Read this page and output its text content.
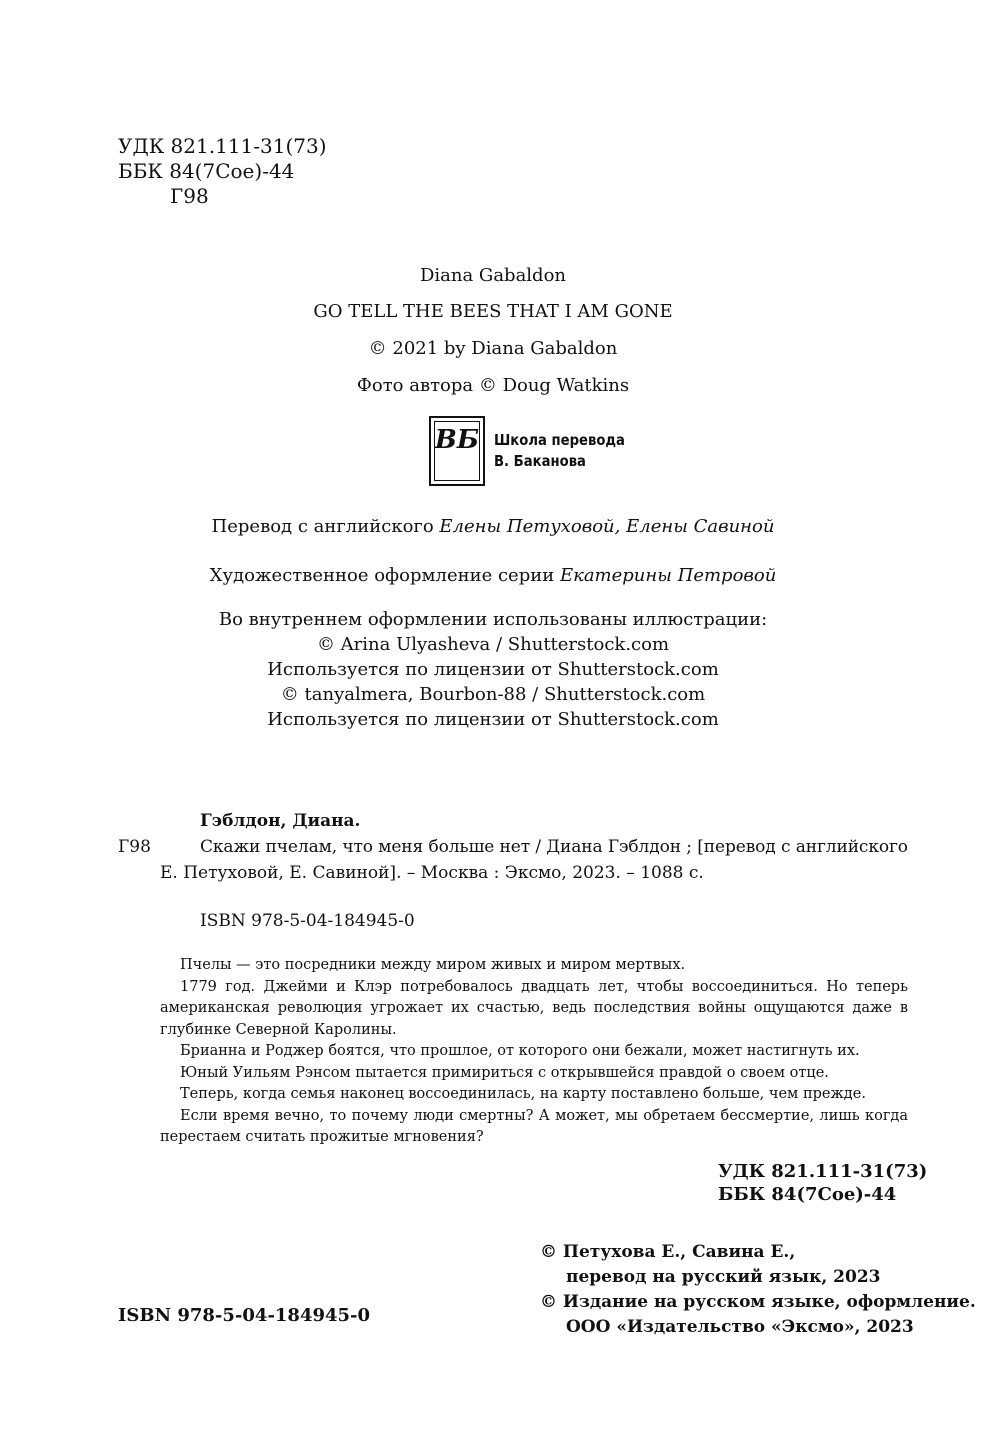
УДК 821.111-31(73)
ББК 84(7Сое)-44
Г98
Diana Gabaldon
GO TELL THE BEES THAT I AM GONE
© 2021 by Diana Gabaldon
Фото автора © Doug Watkins
ВБ Школа перевода
В. Баканова
Перевод с английского Елены Петуховой, Елены Савиной
Художественное оформление серии Екатерины Петровой
Во внутреннем оформлении использованы иллюстрации:
© Arina Ulyasheva / Shutterstock.com
Используется по лицензии от Shutterstock.com
© tanyalmera, Bourbon-88 / Shutterstock.com
Используется по лицензии от Shutterstock.com
Гэблдон, Диана.
Г98	Скажи пчелам, что меня больше нет / Диана Гэблдон ; [перевод с английского
Е. Петуховой, Е. Савиной]. – Москва : Эксмо, 2023. – 1088 с.
ISBN 978-5-04-184945-0

Пчелы — это посредники между миром живых и миром мертвых.

1779 год. Джейми и Клэр потребовалось двадцать лет, чтобы воссоединиться. Но теперь американская революция угрожает их счастью, ведь последствия войны ощущаются даже в глубинке Северной Каролины.

Брианна и Роджер боятся, что прошлое, от которого они бежали, может настигнуть их.

Юный Уильям Рэнсом пытается примириться с открывшейся правдой о своем отце.

Теперь, когда семья наконец воссоединилась, на карту поставлено больше, чем прежде.

Если время вечно, то почему люди смертны? А может, мы обретаем бессмертие, лишь когда перестаем считать прожитые мгновения?

УДК 821.111-31(73)
ББК 84(7Сое)-44
ISBN 978-5-04-184945-0
© Петухова Е., Савина Е.,
перевод на русский язык, 2023
© Издание на русском языке, оформление.
ООО «Издательство «Эксмо», 2023
